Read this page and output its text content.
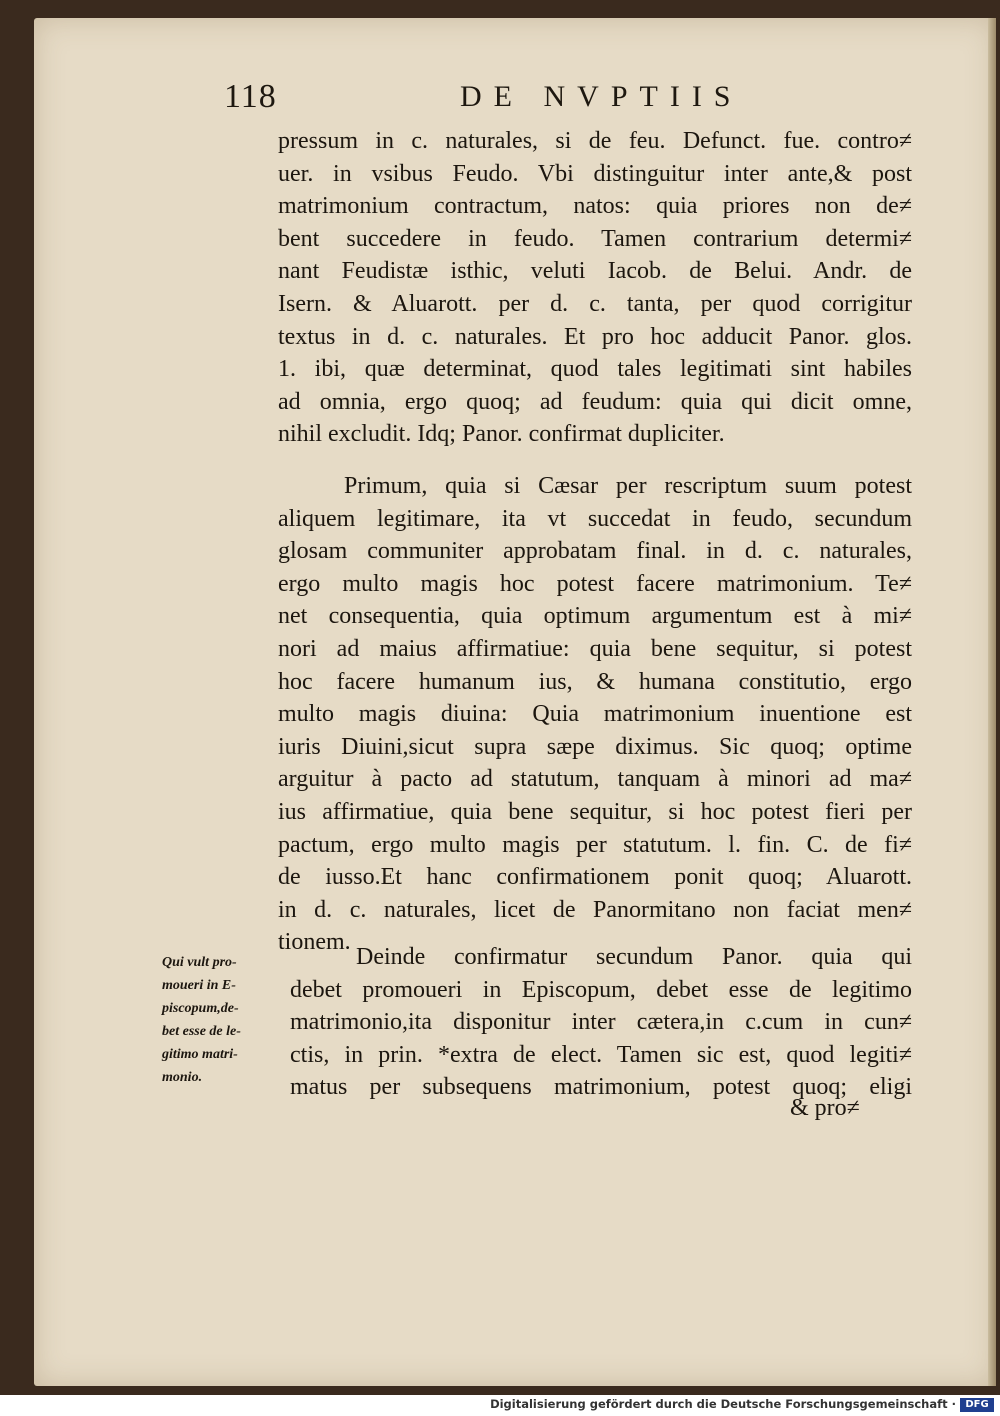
118	DE NVPTIIS
pressum in c. naturales, si de feu. Defunct. fue. contro≠
uer. in vsibus Feudo. Vbi distinguitur inter ante,& post
matrimonium contractum, natos: quia priores non de≠
bent succedere in feudo. Tamen contrarium determi≠
nant Feudistæ isthic, veluti Iacob. de Belui. Andr. de
Isern. & Aluarott. per d. c. tanta, per quod corrigitur
textus in d. c. naturales. Et pro hoc adducit Panor. glos.
1. ibi, quæ determinat, quod tales legitimati sint habiles
ad omnia, ergo quoq; ad feudum: quia qui dicit omne,
nihil excludit. Idq; Panor. confirmat dupliciter.
Primum, quia si Cæsar per rescriptum suum potest
aliquem legitimare, ita vt succedat in feudo, secundum
glosam communiter approbatam final. in d. c. naturales,
ergo multo magis hoc potest facere matrimonium. Te≠
net consequentia, quia optimum argumentum est à mi≠
nori ad maius affirmatiue: quia bene sequitur, si potest
hoc facere humanum ius, & humana constitutio, ergo
multo magis diuina: Quia matrimonium inuentione est
iuris Diuini,sicut supra sæpe diximus. Sic quoq; optime
arguitur à pacto ad statutum, tanquam à minori ad ma≠
ius affirmatiue, quia bene sequitur, si hoc potest fieri per
pactum, ergo multo magis per statutum. l. fin. C. de fi≠
de iusso.Et hanc confirmationem ponit quoq; Aluarott.
in d. c. naturales, licet de Panormitano non faciat men≠
tionem.
Qui vult pro-
moueri in E-
piscopum,de-
bet esse de le-
gitimo matri-
monio.
Deinde confirmatur secundum Panor. quia qui
debet promoueri in Episcopum, debet esse de legitimo
matrimonio,ita disponitur inter cætera,in c.cum in cun≠
ctis, in prin. *extra de elect. Tamen sic est, quod legiti≠
matus per subsequens matrimonium, potest quoq; eligi
& pro≠
Digitalisierung gefördert durch die Deutsche Forschungsgemeinschaft · DFG
